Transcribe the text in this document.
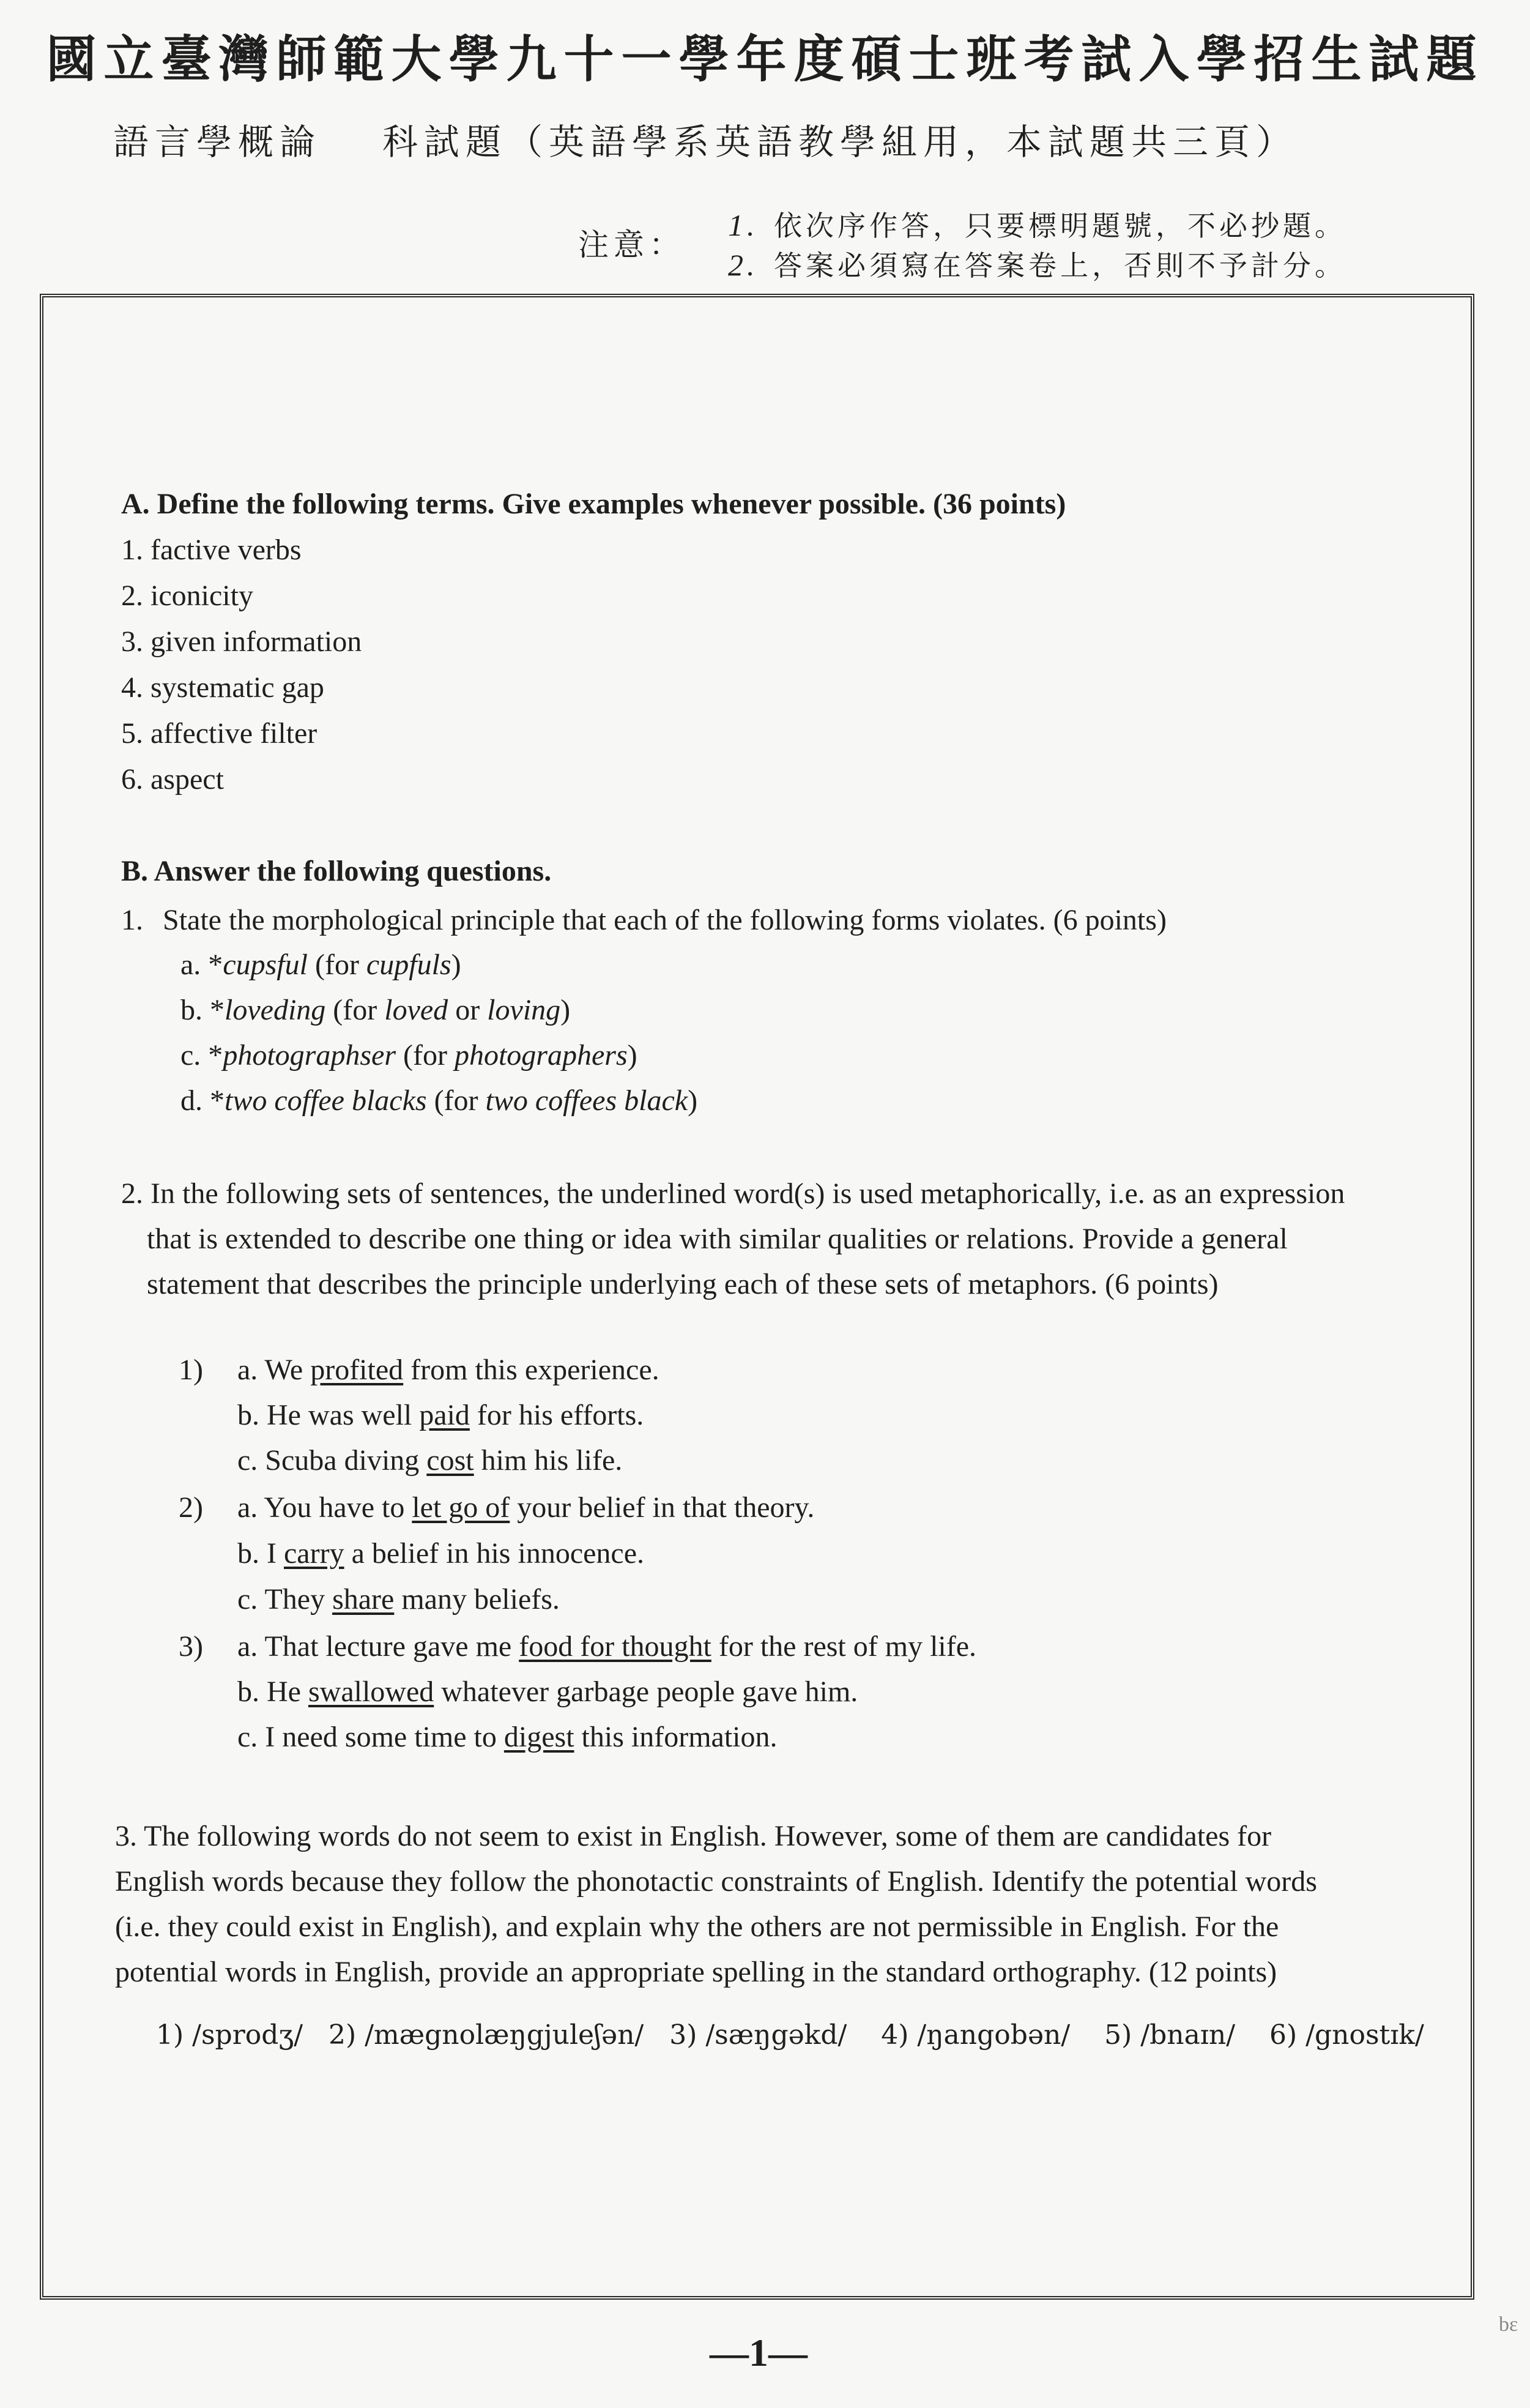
國立臺灣師範大學九十一學年度碩士班考試入學招生試題
語言學概論 科試題（英語學系英語教學組用，本試題共三頁）
注意：
1. 依次序作答，只要標明題號，不必抄題。
2. 答案必須寫在答案卷上，否則不予計分。
A. Define the following terms. Give examples whenever possible. (36 points)
1. factive verbs
2. iconicity
3. given information
4. systematic gap
5. affective filter
6. aspect
B. Answer the following questions.
1. State the morphological principle that each of the following forms violates. (6 points)
a. *cupsful (for cupfuls)
b. *loveding (for loved or loving)
c. *photographser (for photographers)
d. *two coffee blacks (for two coffees black)
2. In the following sets of sentences, the underlined word(s) is used metaphorically, i.e. as an expression
that is extended to describe one thing or idea with similar qualities or relations. Provide a general
statement that describes the principle underlying each of these sets of metaphors. (6 points)
1) a. We profited from this experience.
b. He was well paid for his efforts.
c. Scuba diving cost him his life.
2) a. You have to let go of your belief in that theory.
b. I carry a belief in his innocence.
c. They share many beliefs.
3) a. That lecture gave me food for thought for the rest of my life.
b. He swallowed whatever garbage people gave him.
c. I need some time to digest this information.
3. The following words do not seem to exist in English. However, some of them are candidates for
English words because they follow the phonotactic constraints of English. Identify the potential words
(i.e. they could exist in English), and explain why the others are not permissible in English. For the
potential words in English, provide an appropriate spelling in the standard orthography. (12 points)
1) /sprodʒ/   2) /mægnolæŋgjuleʃən/   3) /sæŋgəkd/    4) /ŋangobən/    5) /bnaɪn/    6) /gnostɪk/
—1—
bɛ
